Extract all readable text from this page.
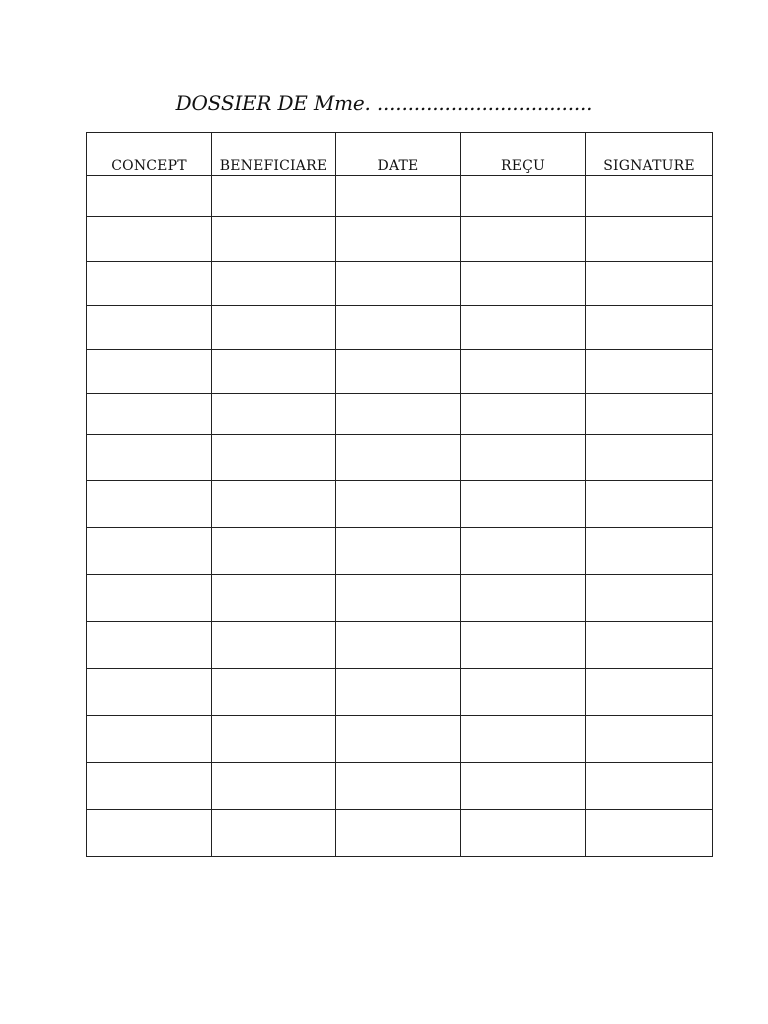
DOSSIER DE Mme. ...................................
CONCEPT	BENEFICIARE	DATE	REÇU	SIGNATURE
